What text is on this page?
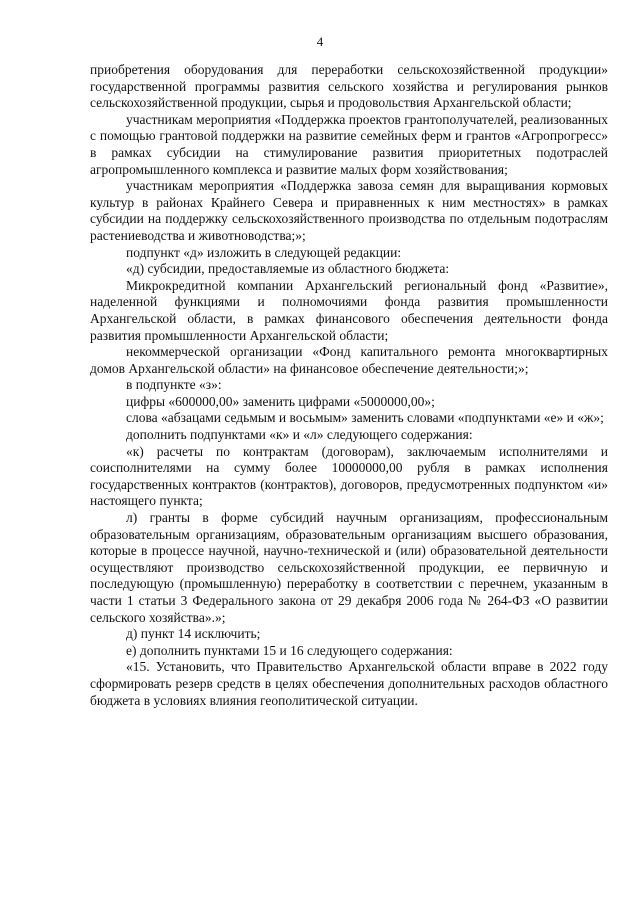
4

приобретения оборудования для переработки сельскохозяйственной продукции» государственной программы развития сельского хозяйства и регулирования рынков сельскохозяйственной продукции, сырья и продовольствия Архангельской области;

участникам мероприятия «Поддержка проектов грантополучателей, реализованных с помощью грантовой поддержки на развитие семейных ферм и грантов «Агропрогресс» в рамках субсидии на стимулирование развития приоритетных подотраслей агропромышленного комплекса и развитие малых форм хозяйствования;

участникам мероприятия «Поддержка завоза семян для выращивания кормовых культур в районах Крайнего Севера и приравненных к ним местностях» в рамках субсидии на поддержку сельскохозяйственного производства по отдельным подотраслям растениеводства и животноводства;»;

подпункт «д» изложить в следующей редакции:

«д) субсидии, предоставляемые из областного бюджета:

Микрокредитной компании Архангельский региональный фонд «Развитие», наделенной функциями и полномочиями фонда развития промышленности Архангельской области, в рамках финансового обеспечения деятельности фонда развития промышленности Архангельской области;

некоммерческой организации «Фонд капитального ремонта многоквартирных домов Архангельской области» на финансовое обеспечение деятельности;»;

в подпункте «з»:

цифры «600000,00» заменить цифрами «5000000,00»;

слова «абзацами седьмым и восьмым» заменить словами «подпунктами «е» и «ж»;

дополнить подпунктами «к» и «л» следующего содержания:

«к) расчеты по контрактам (договорам), заключаемым исполнителями и соисполнителями на сумму более 10000000,00 рубля в рамках исполнения государственных контрактов (контрактов), договоров, предусмотренных подпунктом «и» настоящего пункта;

л) гранты в форме субсидий научным организациям, профессиональным образовательным организациям, образовательным организациям высшего образования, которые в процессе научной, научно-технической и (или) образовательной деятельности осуществляют производство сельскохозяйственной продукции, ее первичную и последующую (промышленную) переработку в соответствии с перечнем, указанным в части 1 статьи 3 Федерального закона от 29 декабря 2006 года № 264-ФЗ «О развитии сельского хозяйства».»;

д) пункт 14 исключить;

е) дополнить пунктами 15 и 16 следующего содержания:

«15. Установить, что Правительство Архангельской области вправе в 2022 году сформировать резерв средств в целях обеспечения дополнительных расходов областного бюджета в условиях влияния геополитической ситуации.
